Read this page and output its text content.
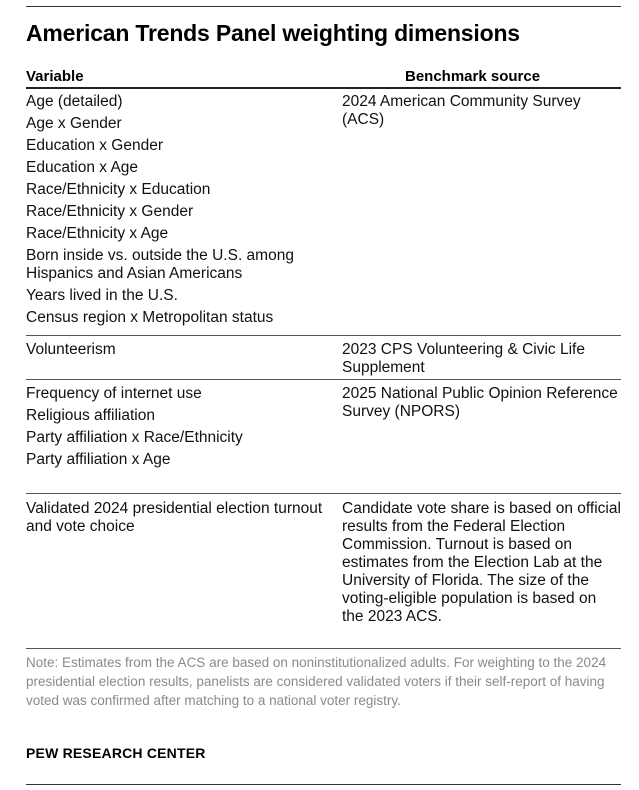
American Trends Panel weighting dimensions
Variable	Benchmark source
Age (detailed)
Age x Gender
Education x Gender
Education x Age
Race/Ethnicity x Education
Race/Ethnicity x Gender
Race/Ethnicity x Age
Born inside vs. outside the U.S. among Hispanics and Asian Americans
Years lived in the U.S.
Census region x Metropolitan status
2024 American Community Survey (ACS)
Volunteerism	2023 CPS Volunteering & Civic Life Supplement
Frequency of internet use
Religious affiliation
Party affiliation x Race/Ethnicity
Party affiliation x Age
2025 National Public Opinion Reference Survey (NPORS)
Validated 2024 presidential election turnout and vote choice
Candidate vote share is based on official results from the Federal Election Commission. Turnout is based on estimates from the Election Lab at the University of Florida. The size of the voting-eligible population is based on the 2023 ACS.
Note: Estimates from the ACS are based on noninstitutionalized adults. For weighting to the 2024 presidential election results, panelists are considered validated voters if their self-report of having voted was confirmed after matching to a national voter registry.
PEW RESEARCH CENTER
